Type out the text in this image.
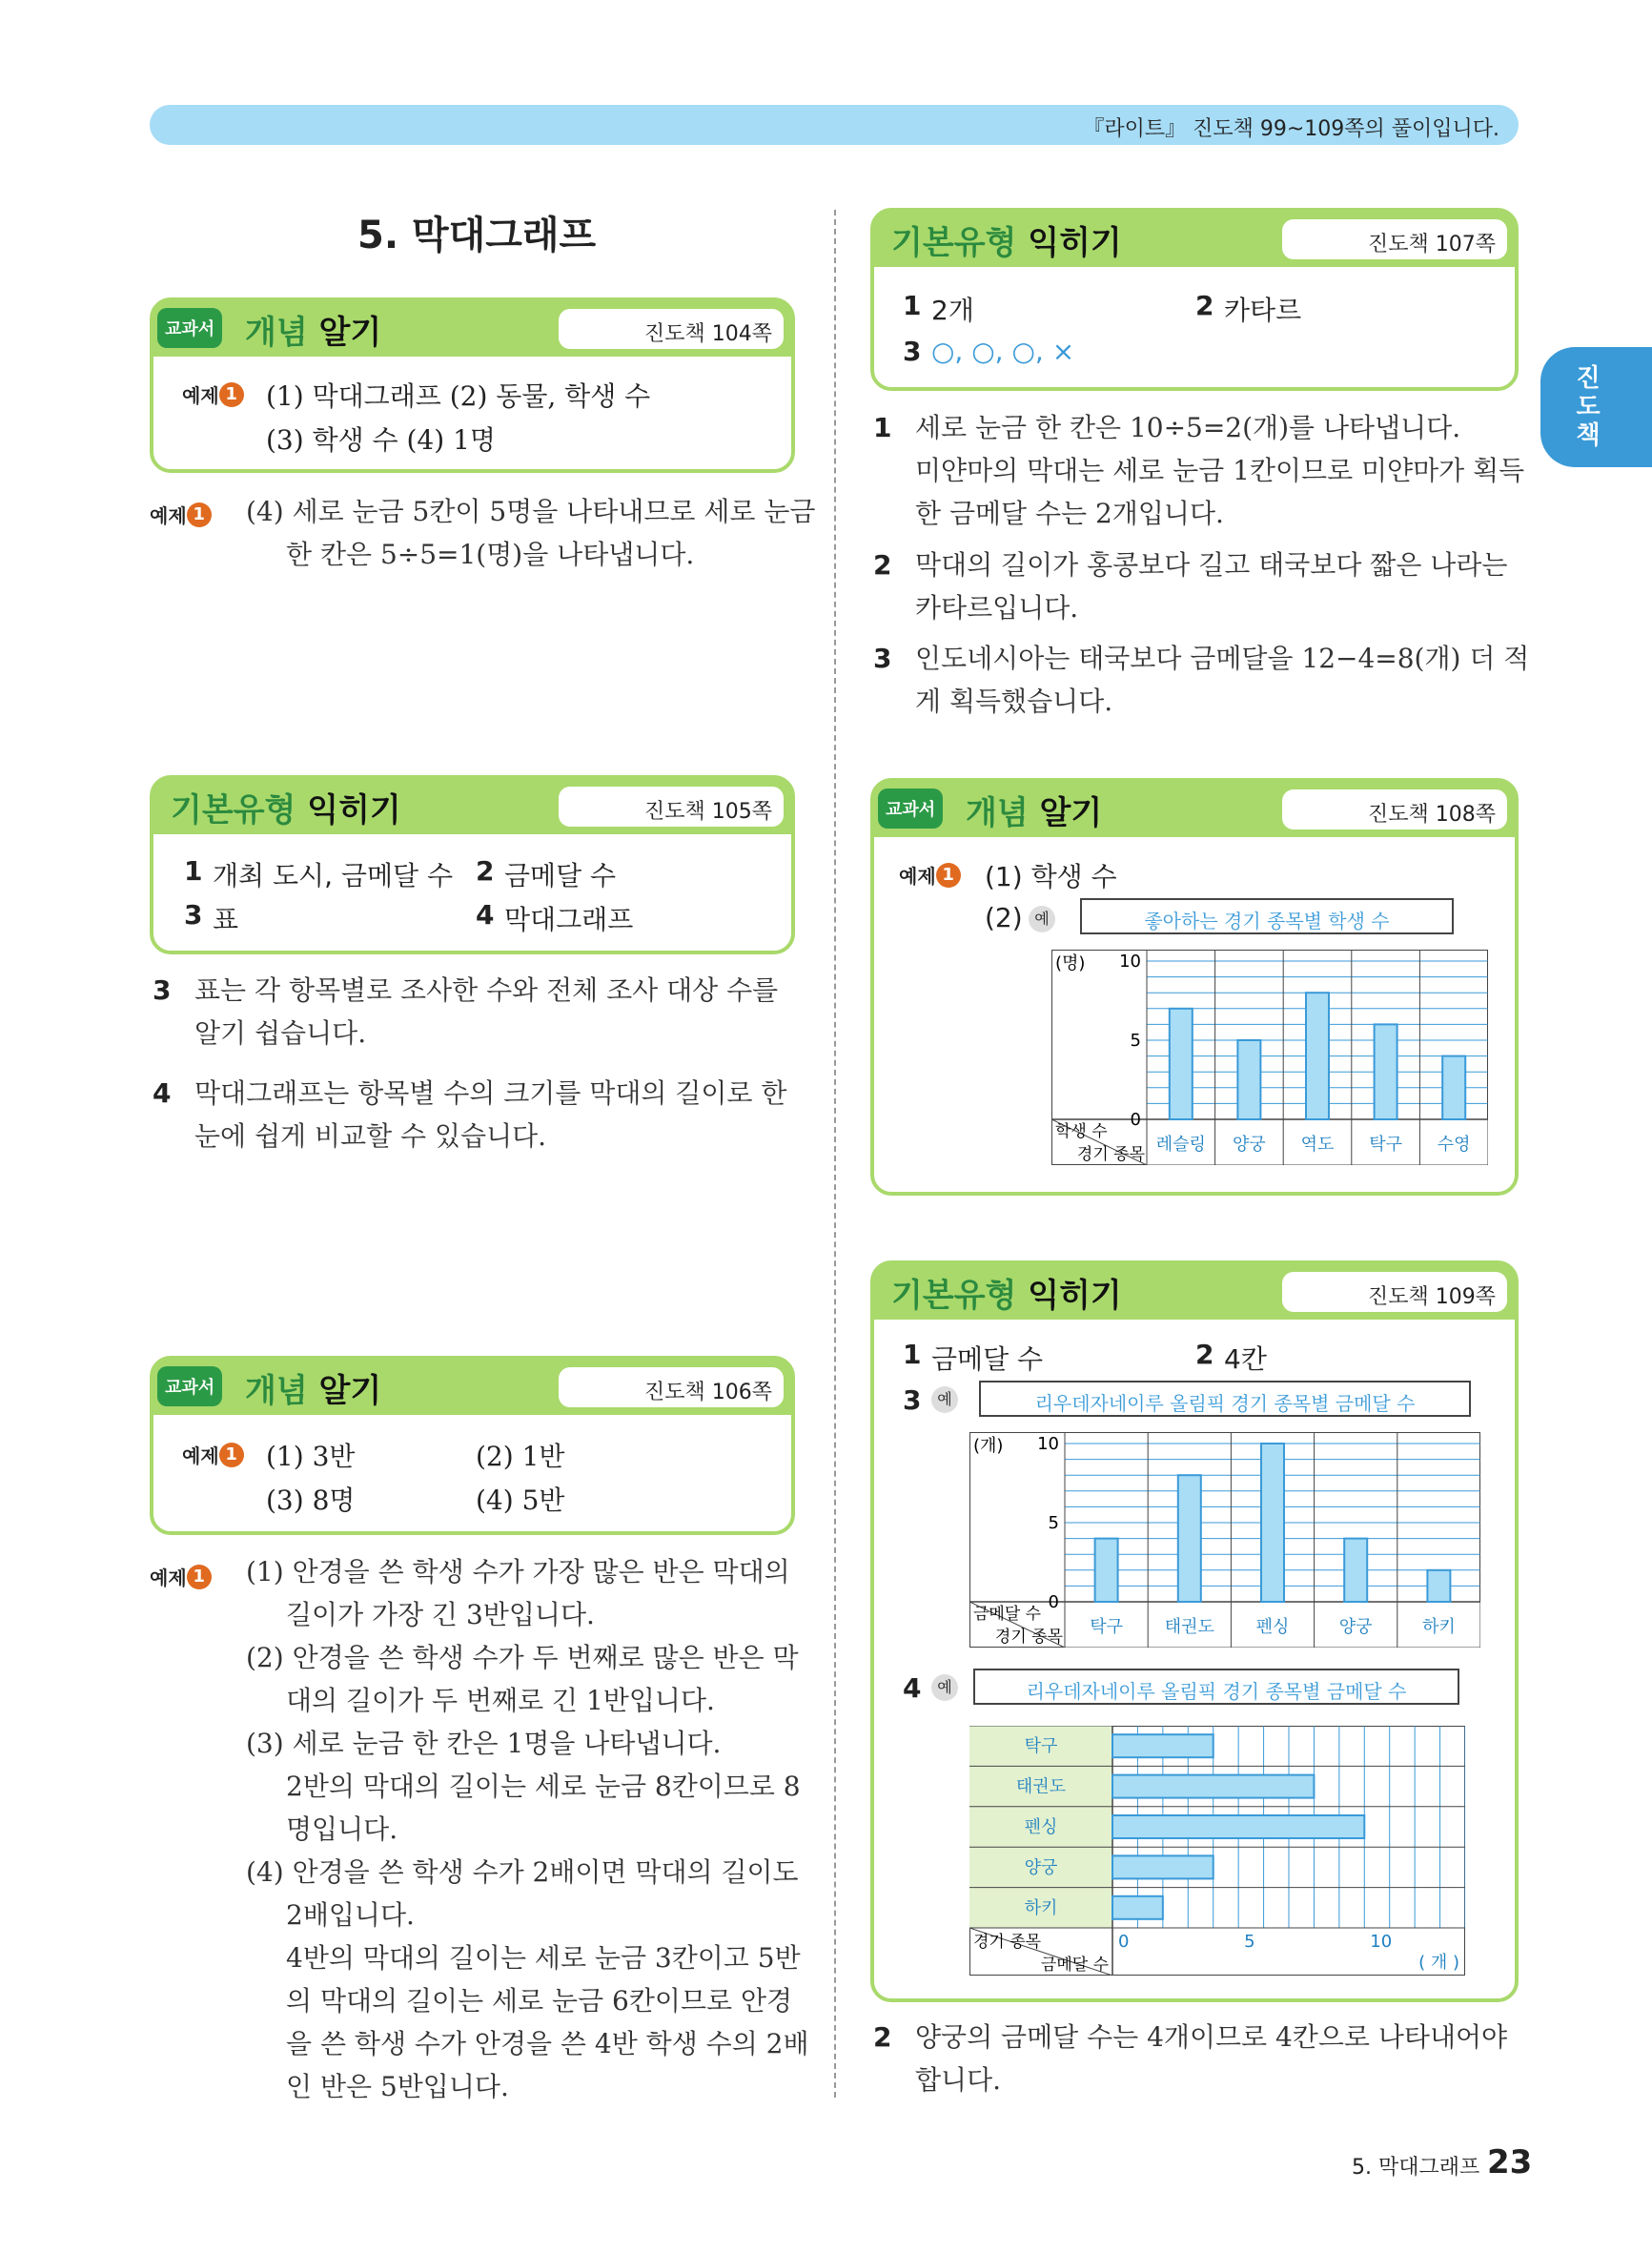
『라이트』 진도책 99~109쪽의 풀이입니다.
진도책
5. 막대그래프
교과서 개념 알기	진도책 104쪽
예제 1 (1) 막대그래프 (2) 동물, 학생 수
(3) 학생 수 (4) 1명
예제 1 (4) 세로 눈금 5칸이 5명을 나타내므로 세로 눈금
한 칸은 5÷5=1(명)을 나타냅니다.
기본유형 익히기	진도책 105쪽
1 개최 도시, 금메달 수 2 금메달 수
3 표	4 막대그래프
3 표는 각 항목별로 조사한 수와 전체 조사 대상 수를
알기 쉽습니다.
4 막대그래프는 항목별 수의 크기를 막대의 길이로 한
눈에 쉽게 비교할 수 있습니다.
교과서 개념 알기	진도책 106쪽
예제 1 (1) 3반	(2) 1반
(3) 8명	(4) 5반
예제 1 (1) 안경을 쓴 학생 수가 가장 많은 반은 막대의
길이가 가장 긴 3반입니다.
(2) 안경을 쓴 학생 수가 두 번째로 많은 반은 막
대의 길이가 두 번째로 긴 1반입니다.
(3) 세로 눈금 한 칸은 1명을 나타냅니다.
2반의 막대의 길이는 세로 눈금 8칸이므로 8
명입니다.
(4) 안경을 쓴 학생 수가 2배이면 막대의 길이도
2배입니다.
4반의 막대의 길이는 세로 눈금 3칸이고 5반
의 막대의 길이는 세로 눈금 6칸이므로 안경
을 쓴 학생 수가 안경을 쓴 4반 학생 수의 2배
인 반은 5반입니다.
기본유형 익히기	진도책 107쪽
1 2개	2 카타르
3 ○, ○, ○, ×
1 세로 눈금 한 칸은 10÷5=2(개)를 나타냅니다.
미얀마의 막대는 세로 눈금 1칸이므로 미얀마가 획득
한 금메달 수는 2개입니다.
2 막대의 길이가 홍콩보다 길고 태국보다 짧은 나라는
카타르입니다.
3 인도네시아는 태국보다 금메달을 12−4=8(개) 더 적
게 획득했습니다.
교과서 개념 알기	진도책 108쪽
예제 1 (1) 학생 수
(2) 예	좋아하는 경기 종목별 학생 수
(명) 10
5
0
학생 수
경기 종목 레슬링 양궁 역도 탁구 수영
기본유형 익히기	진도책 109쪽
1 금메달 수	2 4칸
3	예	리우데자네이루 올림픽 경기 종목별 금메달 수
(개) 10
5
0
금메달 수
경기 종목 탁구 태권도 펜싱	양궁	하키
4	예	리우데자네이루 올림픽 경기 종목별 금메달 수
경기 종목
금메달 수
0	5	10
( 개 )
탁구
태권도
펜싱
양궁
하키
2 양궁의 금메달 수는 4개이므로 4칸으로 나타내어야
합니다.
5. 막대그래프 23
